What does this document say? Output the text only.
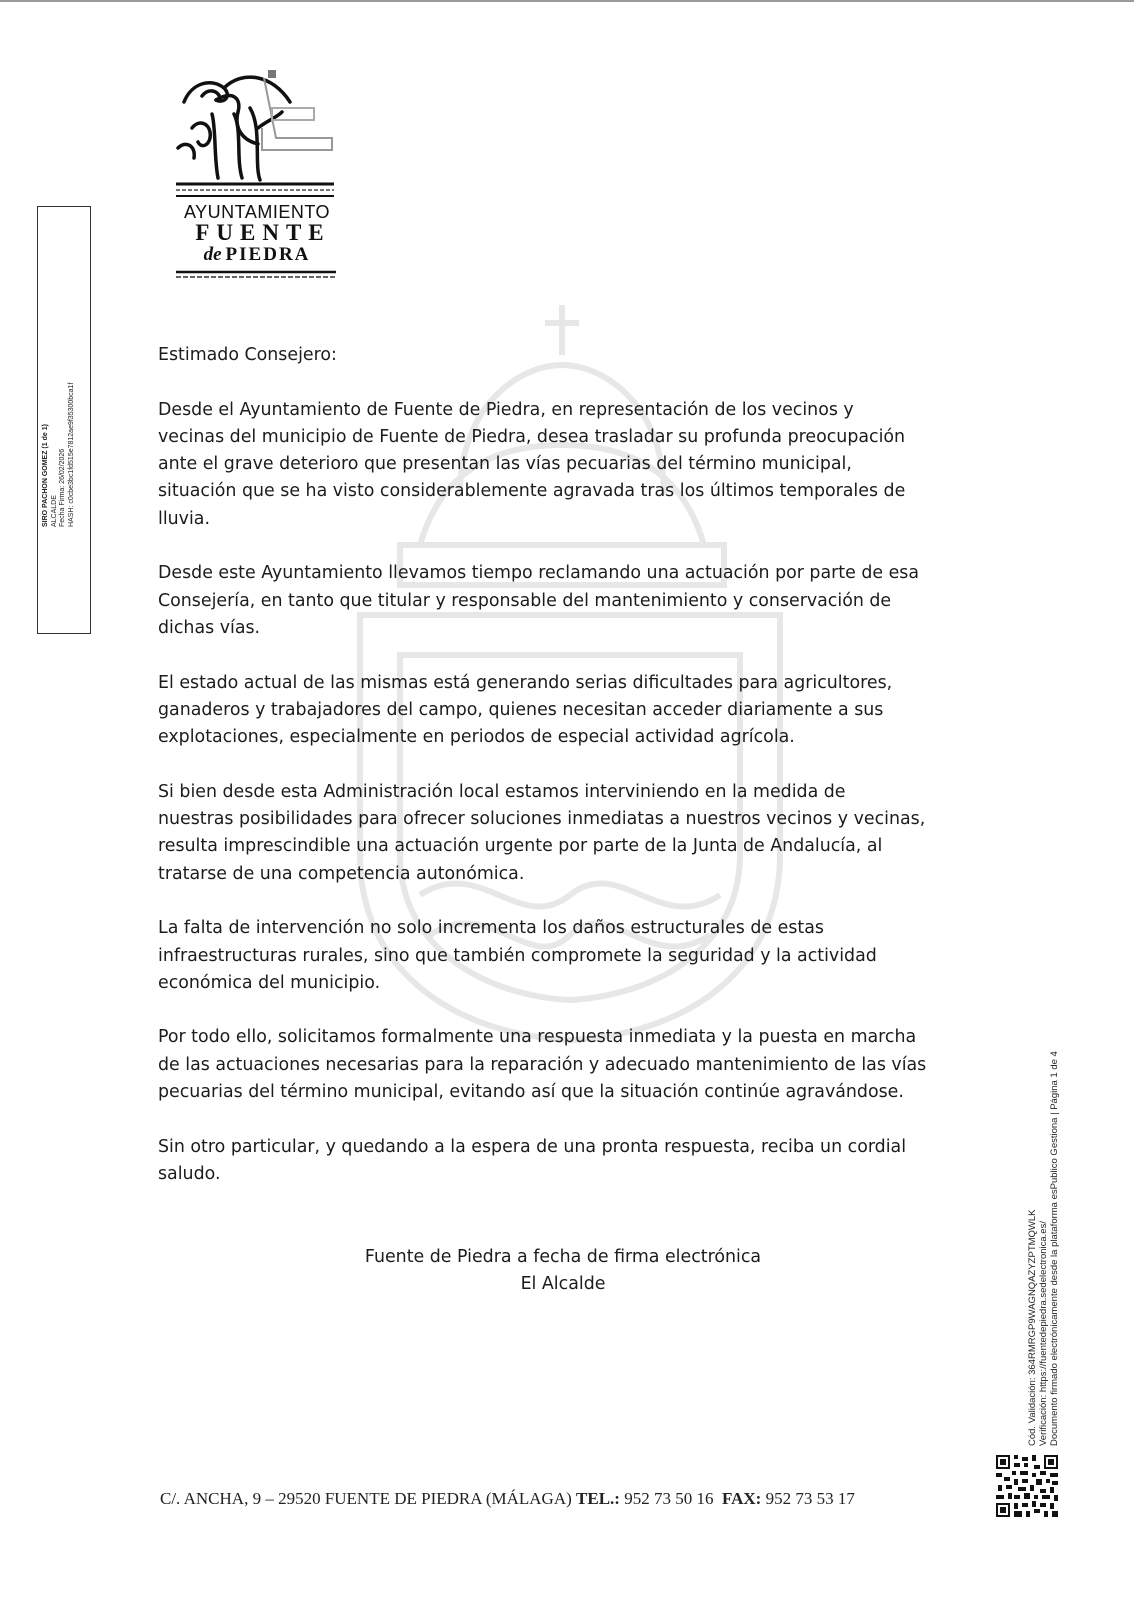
AYUNTAMIENTO
FUENTE
de PIEDRA
SIRO PACHON GOMEZ (1 de 1) ALCALDE Fecha Firma: 26/02/2026 HASH: c0cbe3bc1fd515e7812ae9f35300bca1f

Estimado Consejero:

Desde el Ayuntamiento de Fuente de Piedra, en representación de los vecinos y
vecinas del municipio de Fuente de Piedra, desea trasladar su profunda preocupación
ante el grave deterioro que presentan las vías pecuarias del término municipal,
situación que se ha visto considerablemente agravada tras los últimos temporales de
lluvia.

Desde este Ayuntamiento llevamos tiempo reclamando una actuación por parte de esa
Consejería, en tanto que titular y responsable del mantenimiento y conservación de
dichas vías.

El estado actual de las mismas está generando serias dificultades para agricultores,
ganaderos y trabajadores del campo, quienes necesitan acceder diariamente a sus
explotaciones, especialmente en periodos de especial actividad agrícola.

Si bien desde esta Administración local estamos interviniendo en la medida de
nuestras posibilidades para ofrecer soluciones inmediatas a nuestros vecinos y vecinas,
resulta imprescindible una actuación urgente por parte de la Junta de Andalucía, al
tratarse de una competencia autonómica.

La falta de intervención no solo incrementa los daños estructurales de estas
infraestructuras rurales, sino que también compromete la seguridad y la actividad
económica del municipio.

Por todo ello, solicitamos formalmente una respuesta inmediata y la puesta en marcha
de las actuaciones necesarias para la reparación y adecuado mantenimiento de las vías
pecuarias del término municipal, evitando así que la situación continúe agravándose.

Sin otro particular, y quedando a la espera de una pronta respuesta, reciba un cordial
saludo.

Fuente de Piedra a fecha de firma electrónica
El Alcalde	Cód. Validación: 364RMRGP9WAGNQAZYZPTMQWLK Verificación: https://fuentedepiedra.sedelectronica.es/ Documento firmado electrónicamente desde la plataforma esPublico Gestiona | Página 1 de 4
C/. ANCHA, 9 – 29520 FUENTE DE PIEDRA (MÁLAGA) TEL.: 952 73 50 16 FAX: 952 73 53 17
